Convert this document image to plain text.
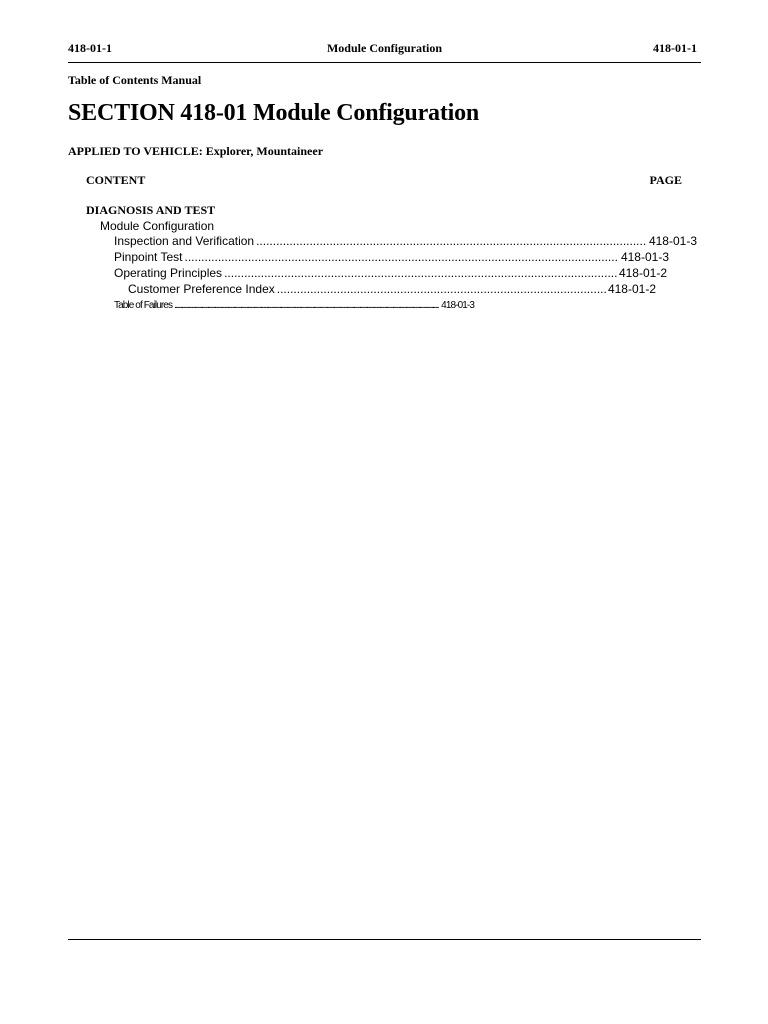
418-01-1	Module Configuration	418-01-1
Table of Contents Manual
SECTION 418-01 Module Configuration
APPLIED TO VEHICLE: Explorer, Mountaineer
CONTENT	PAGE
DIAGNOSIS AND TEST
Module Configuration
Inspection and Verification .....	418-01-3
Pinpoint Test .....	418-01-3
Operating Principles .....	418-01-2
Customer Preference Index .....	418-01-2
Table of Failures .....	418-01-3
